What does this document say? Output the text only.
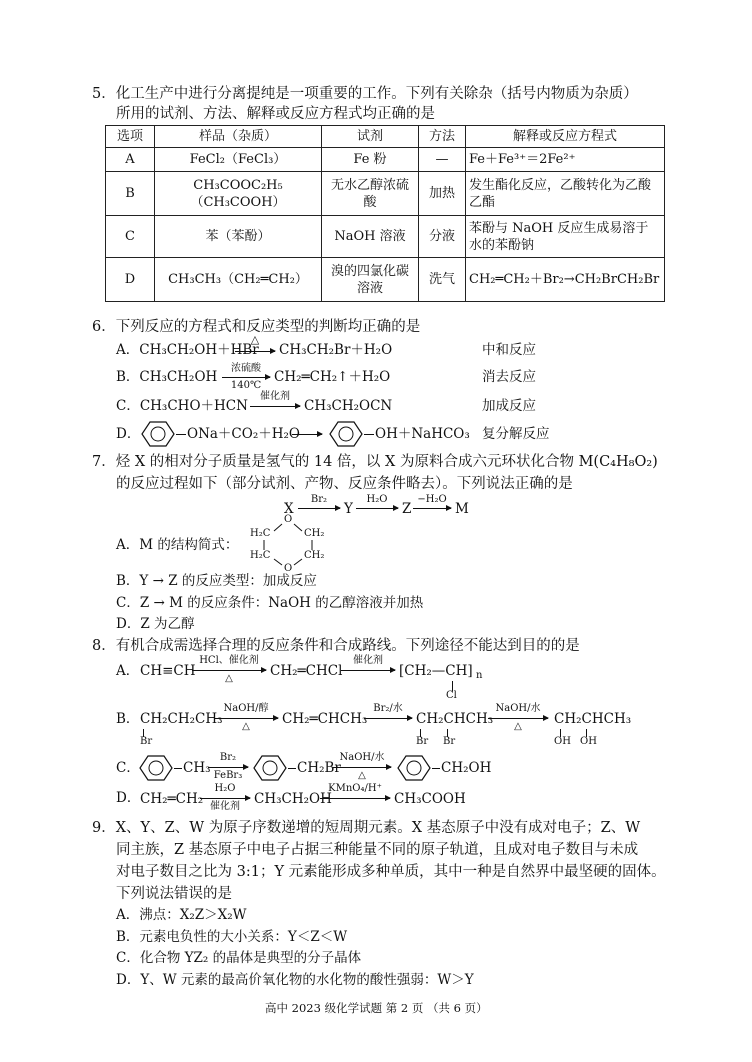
5．化工生产中进行分离提纯是一项重要的工作。下列有关除杂（括号内物质为杂质）
所用的试剂、方法、解释或反应方程式均正确的是
选项	样品（杂质）	试剂	方法	解释或反应方程式
A	FeCl₂（FeCl₃）	Fe 粉	—	Fe＋Fe³⁺＝2Fe²⁺
B	CH₃COOC₂H₅（CH₃COOH）	无水乙醇浓硫酸	加热	发生酯化反应，乙酸转化为乙酸乙酯
C	苯（苯酚）	NaOH 溶液	分液	苯酚与 NaOH 反应生成易溶于水的苯酚钠
D	CH₃CH₃（CH₂═CH₂）	溴的四氯化碳溶液	洗气	CH₂═CH₂＋Br₂→CH₂BrCH₂Br
6．下列反应的方程式和反应类型的判断均正确的是
A．CH₃CH₂OH＋HBr
△
→ CH₃CH₂Br＋H₂O	中和反应
B．CH₃CH₂OH
浓硫酸
140℃
CH₂═CH₂↑＋H₂O	消去反应
C．CH₃CHO＋HCN
催化剂
→ CH₃CH₂OCN	加成反应
D．	ONa＋CO₂＋H₂O	OH＋NaHCO₃ 复分解反应
7．烃 X 的相对分子质量是氢气的 14 倍，以 X 为原料合成六元环状化合物 M(C₄H₈O₂)
的反应过程如下（部分试剂、产物、反应条件略去）。下列说法正确的是
X
Br₂
→ Y
H₂O
→ Z
−H₂O
→ M
A．M 的结构简式：
O
H₂C	CH₂
H₂C	CH₂
O
B．Y → Z 的反应类型：加成反应
C．Z → M 的反应条件：NaOH 的乙醇溶液并加热
D．Z 为乙醇
8．有机合成需选择合理的反应条件和合成路线。下列途径不能达到目的的是
A． CH≡CH
HCl、催化剂
△	CH₂═CHCl
催化剂
→ [CH₂—CH] n
Cl
B． CH₂CH₂CH₃
Br
NaOH/醇
△	CH₂═CHCH₃
Br₂/水
→ CH₂CHCH₃
Br Br
NaOH/水
△	CH₂CHCH₃
OH OH
C．	CH₃
Br₂
FeBr₃	CH₂Br
NaOH/水
△	CH₂OH
D． CH₂═CH₂
H₂O
催化剂	CH₃CH₂OH
KMnO₄/H⁺
CH₃COOH
9．X、Y、Z、W 为原子序数递增的短周期元素。X 基态原子中没有成对电子；Z、W
同主族，Z 基态原子中电子占据三种能量不同的原子轨道，且成对电子数目与未成
对电子数目之比为 3:1；Y 元素能形成多种单质，其中一种是自然界中最坚硬的固体。
下列说法错误的是
A．沸点：X₂Z＞X₂W
B．元素电负性的大小关系：Y＜Z＜W
C．化合物 YZ₂ 的晶体是典型的分子晶体
D．Y、W 元素的最高价氧化物的水化物的酸性强弱：W＞Y
高中 2023 级化学试题 第 2 页 （共 6 页）
